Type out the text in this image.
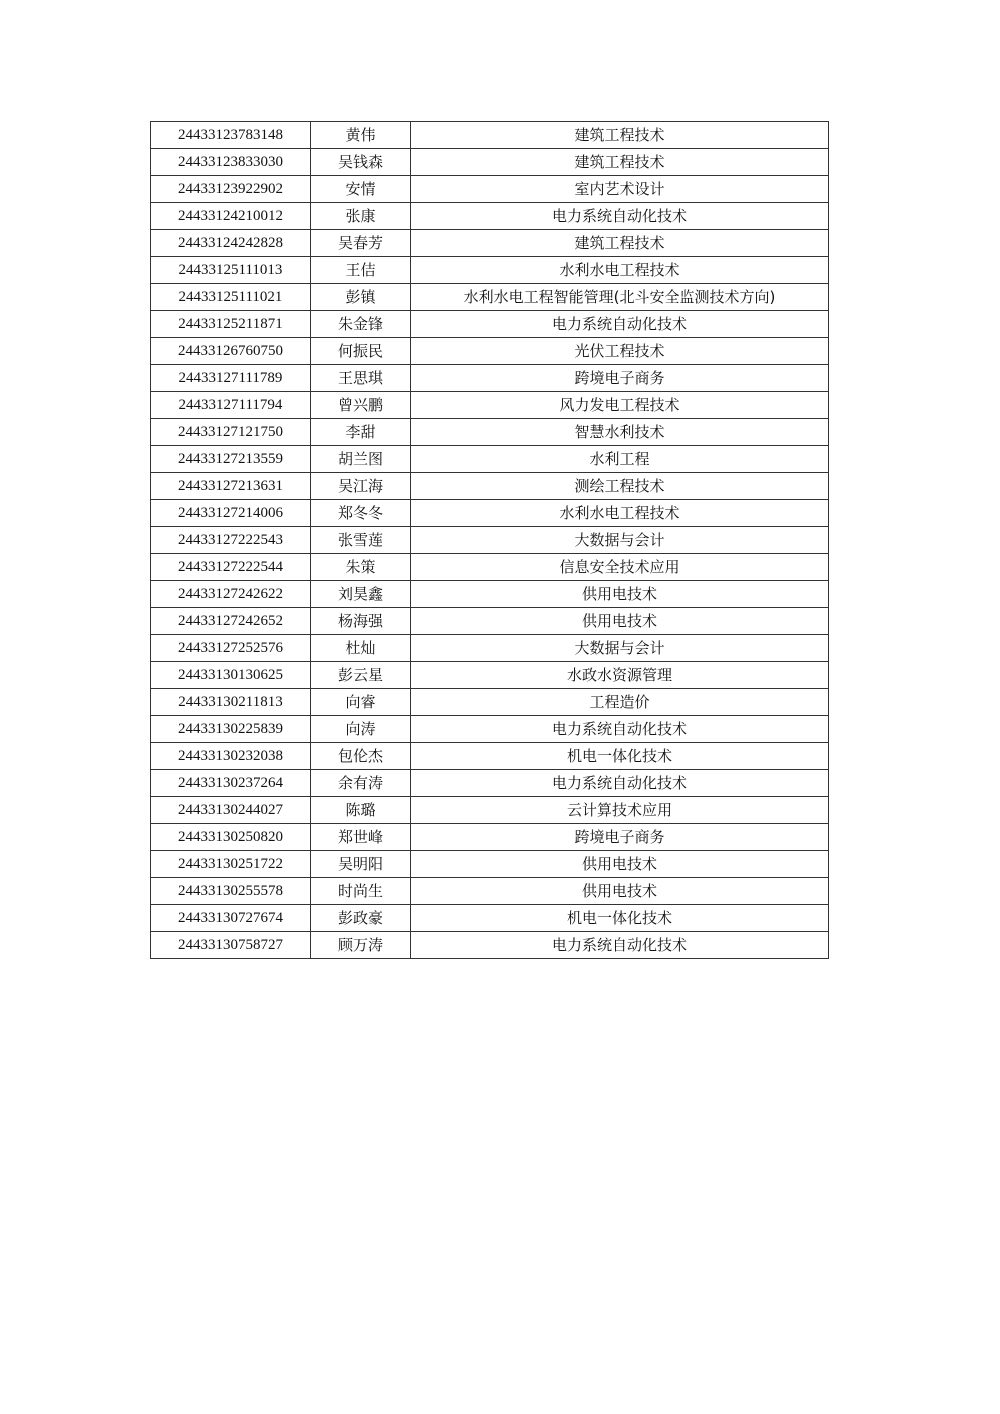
24433123783148	黄伟	建筑工程技术
24433123833030	吴钱森	建筑工程技术
24433123922902	安情	室内艺术设计
24433124210012	张康	电力系统自动化技术
24433124242828	吴春芳	建筑工程技术
24433125111013	王佶	水利水电工程技术
24433125111021	彭镇	水利水电工程智能管理(北斗安全监测技术方向)
24433125211871	朱金锋	电力系统自动化技术
24433126760750	何振民	光伏工程技术
24433127111789	王思琪	跨境电子商务
24433127111794	曾兴鹏	风力发电工程技术
24433127121750	李甜	智慧水利技术
24433127213559	胡兰图	水利工程
24433127213631	吴江海	测绘工程技术
24433127214006	郑冬冬	水利水电工程技术
24433127222543	张雪莲	大数据与会计
24433127222544	朱策	信息安全技术应用
24433127242622	刘昊鑫	供用电技术
24433127242652	杨海强	供用电技术
24433127252576	杜灿	大数据与会计
24433130130625	彭云星	水政水资源管理
24433130211813	向睿	工程造价
24433130225839	向涛	电力系统自动化技术
24433130232038	包伦杰	机电一体化技术
24433130237264	余有涛	电力系统自动化技术
24433130244027	陈璐	云计算技术应用
24433130250820	郑世峰	跨境电子商务
24433130251722	吴明阳	供用电技术
24433130255578	时尚生	供用电技术
24433130727674	彭政豪	机电一体化技术
24433130758727	顾万涛	电力系统自动化技术
